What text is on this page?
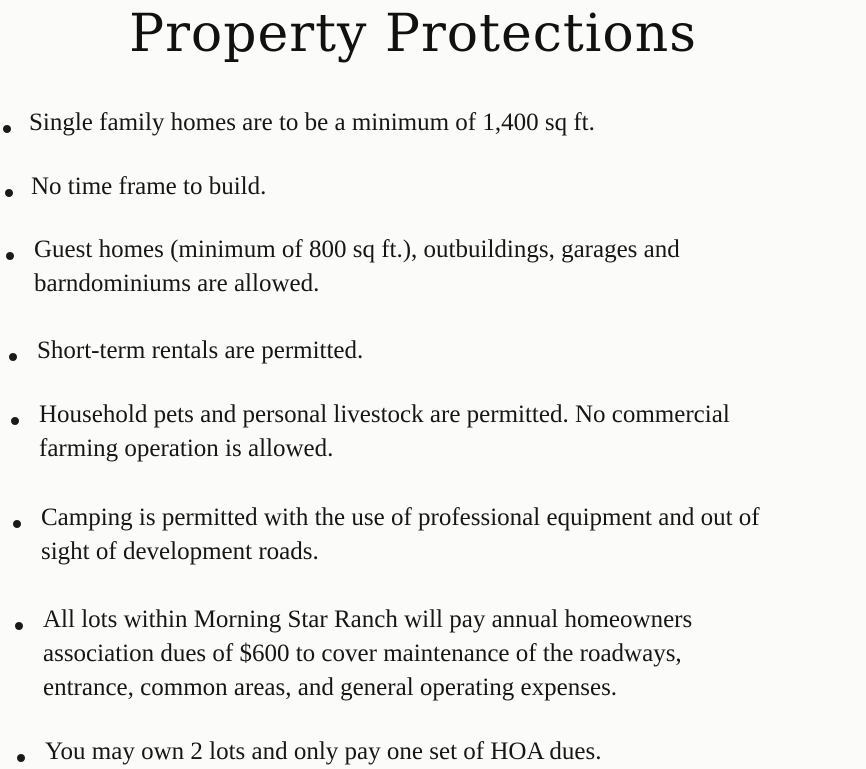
Property Protections
Single family homes are to be a minimum of 1,400 sq ft.
No time frame to build.
Guest homes (minimum of 800 sq ft.), outbuildings, garages and
barndominiums are allowed.
Short-term rentals are permitted.
Household pets and personal livestock are permitted. No commercial
farming operation is allowed.
Camping is permitted with the use of professional equipment and out of
sight of development roads.
All lots within Morning Star Ranch will pay annual homeowners
association dues of $600 to cover maintenance of the roadways,
entrance, common areas, and general operating expenses.
You may own 2 lots and only pay one set of HOA dues.
